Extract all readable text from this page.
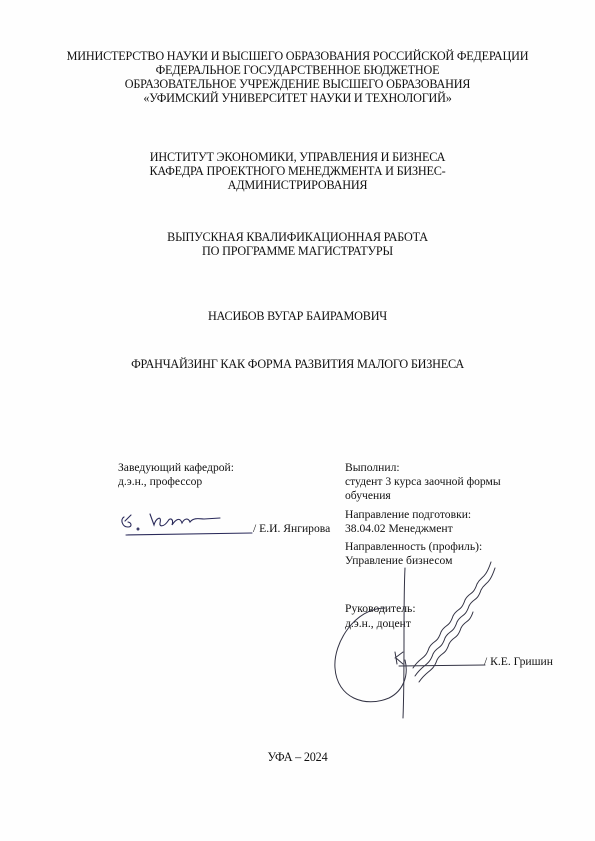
МИНИСТЕРСТВО НАУКИ И ВЫСШЕГО ОБРАЗОВАНИЯ РОССИЙСКОЙ ФЕДЕРАЦИИ
ФЕДЕРАЛЬНОЕ ГОСУДАРСТВЕННОЕ БЮДЖЕТНОЕ
ОБРАЗОВАТЕЛЬНОЕ УЧРЕЖДЕНИЕ ВЫСШЕГО ОБРАЗОВАНИЯ
«УФИМСКИЙ УНИВЕРСИТЕТ НАУКИ И ТЕХНОЛОГИЙ»
ИНСТИТУТ ЭКОНОМИКИ, УПРАВЛЕНИЯ И БИЗНЕСА
КАФЕДРА ПРОЕКТНОГО МЕНЕДЖМЕНТА И БИЗНЕС-
АДМИНИСТРИРОВАНИЯ
ВЫПУСКНАЯ КВАЛИФИКАЦИОННАЯ РАБОТА
ПО ПРОГРАММЕ МАГИСТРАТУРЫ
НАСИБОВ ВУГАР БАИРАМОВИЧ
ФРАНЧАЙЗИНГ КАК ФОРМА РАЗВИТИЯ МАЛОГО БИЗНЕСА
Заведующий кафедрой:
д.э.н., профессор
/ Е.И. Янгирова
Выполнил:
студент 3 курса заочной формы
обучения
Направление подготовки:
38.04.02 Менеджмент
Направленность (профиль):
Управление бизнесом
Руководитель:
д.э.н., доцент
/ К.Е. Гришин
УФА – 2024
